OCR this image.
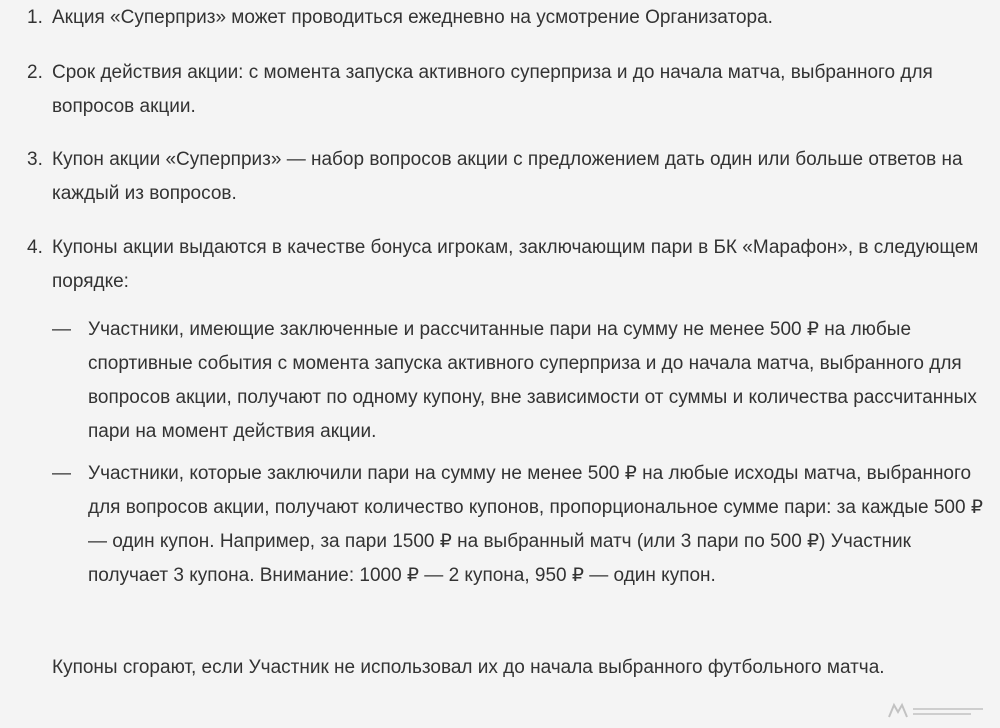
1. Акция «Суперприз» может проводиться ежедневно на усмотрение Организатора.
2. Срок действия акции: с момента запуска активного суперприза и до начала матча, выбранного для вопросов акции.
3. Купон акции «Суперприз» — набор вопросов акции с предложением дать один или больше ответов на каждый из вопросов.
4. Купоны акции выдаются в качестве бонуса игрокам, заключающим пари в БК «Марафон», в следующем порядке:
— Участники, имеющие заключенные и рассчитанные пари на сумму не менее 500 ₽ на любые спортивные события с момента запуска активного суперприза и до начала матча, выбранного для вопросов акции, получают по одному купону, вне зависимости от суммы и количества рассчитанных пари на момент действия акции.
— Участники, которые заключили пари на сумму не менее 500 ₽ на любые исходы матча, выбранного для вопросов акции, получают количество купонов, пропорциональное сумме пари: за каждые 500 ₽ — один купон. Например, за пари 1500 ₽ на выбранный матч (или 3 пари по 500 ₽) Участник получает 3 купона. Внимание: 1000 ₽ — 2 купона, 950 ₽ — один купон.

Купоны сгорают, если Участник не использовал их до начала выбранного футбольного матча.
